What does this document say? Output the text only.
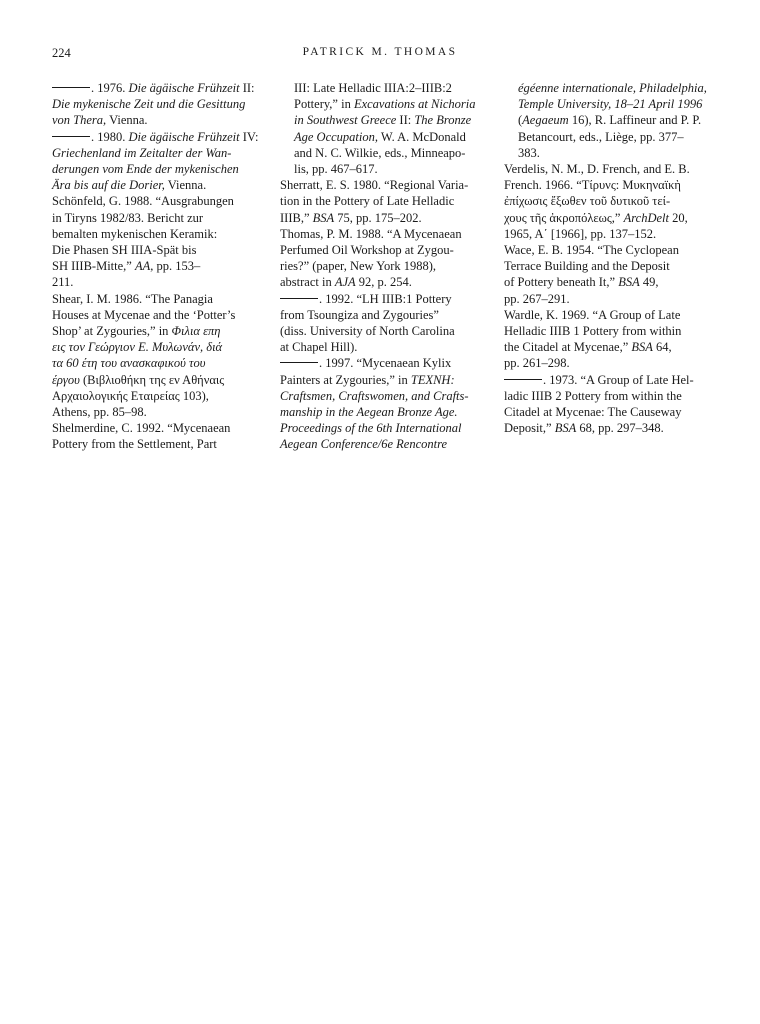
224	PATRICK M. THOMAS
. 1976. Die ägäische Frühzeit II:
Die mykenische Zeit und die Gesittung
von Thera, Vienna.
. 1980. Die ägäische Frühzeit IV:
Griechenland im Zeitalter der Wan-
derungen vom Ende der mykenischen
Ära bis auf die Dorier, Vienna.
Schönfeld, G. 1988. “Ausgrabungen
in Tiryns 1982/83. Bericht zur
bemalten mykenischen Keramik:
Die Phasen SH IIIA-Spät bis
SH IIIB-Mitte,” AA, pp. 153–
211.
Shear, I. M. 1986. “The Panagia
Houses at Mycenae and the ‘Potter’s
Shop’ at Zygouries,” in Φιλια επη
εις τον Γεώργιον Ε. Μυλωνάν, διά
τα 60 έτη του ανασκαφικού του
έργου (Βιβλιοθήκη της εν Αθήναις
Αρχαιολογικής Εταιρείας 103),
Athens, pp. 85–98.
Shelmerdine, C. 1992. “Mycenaean
Pottery from the Settlement, Part
III: Late Helladic IIIA:2–IIIB:2
Pottery,” in Excavations at Nichoria
in Southwest Greece II: The Bronze
Age Occupation, W. A. McDonald
and N. C. Wilkie, eds., Minneapo-
lis, pp. 467–617.
Sherratt, E. S. 1980. “Regional Varia-
tion in the Pottery of Late Helladic
IIIB,” BSA 75, pp. 175–202.
Thomas, P. M. 1988. “A Mycenaean
Perfumed Oil Workshop at Zygou-
ries?” (paper, New York 1988),
abstract in AJA 92, p. 254.
. 1992. “LH IIIB:1 Pottery
from Tsoungiza and Zygouries”
(diss. University of North Carolina
at Chapel Hill).
. 1997. “Mycenaean Kylix
Painters at Zygouries,” in TEXNH:
Craftsmen, Craftswomen, and Crafts-
manship in the Aegean Bronze Age.
Proceedings of the 6th International
Aegean Conference/6e Rencontre
égéenne internationale, Philadelphia,
Temple University, 18–21 April 1996
(Aegaeum 16), R. Laffineur and P. P.
Betancourt, eds., Liège, pp. 377–
383.
Verdelis, N. M., D. French, and E. B.
French. 1966. “Τίρυνς: Μυκηναϊκὴ
ἐπίχωσις ἔξωθεν τοῦ δυτικοῦ τεί-
χους τῆς ἀκροπόλεως,” ArchDelt 20,
1965, A΄ [1966], pp. 137–152.
Wace, E. B. 1954. “The Cyclopean
Terrace Building and the Deposit
of Pottery beneath It,” BSA 49,
pp. 267–291.
Wardle, K. 1969. “A Group of Late
Helladic IIIB 1 Pottery from within
the Citadel at Mycenae,” BSA 64,
pp. 261–298.
. 1973. “A Group of Late Hel-
ladic IIIB 2 Pottery from within the
Citadel at Mycenae: The Causeway
Deposit,” BSA 68, pp. 297–348.
